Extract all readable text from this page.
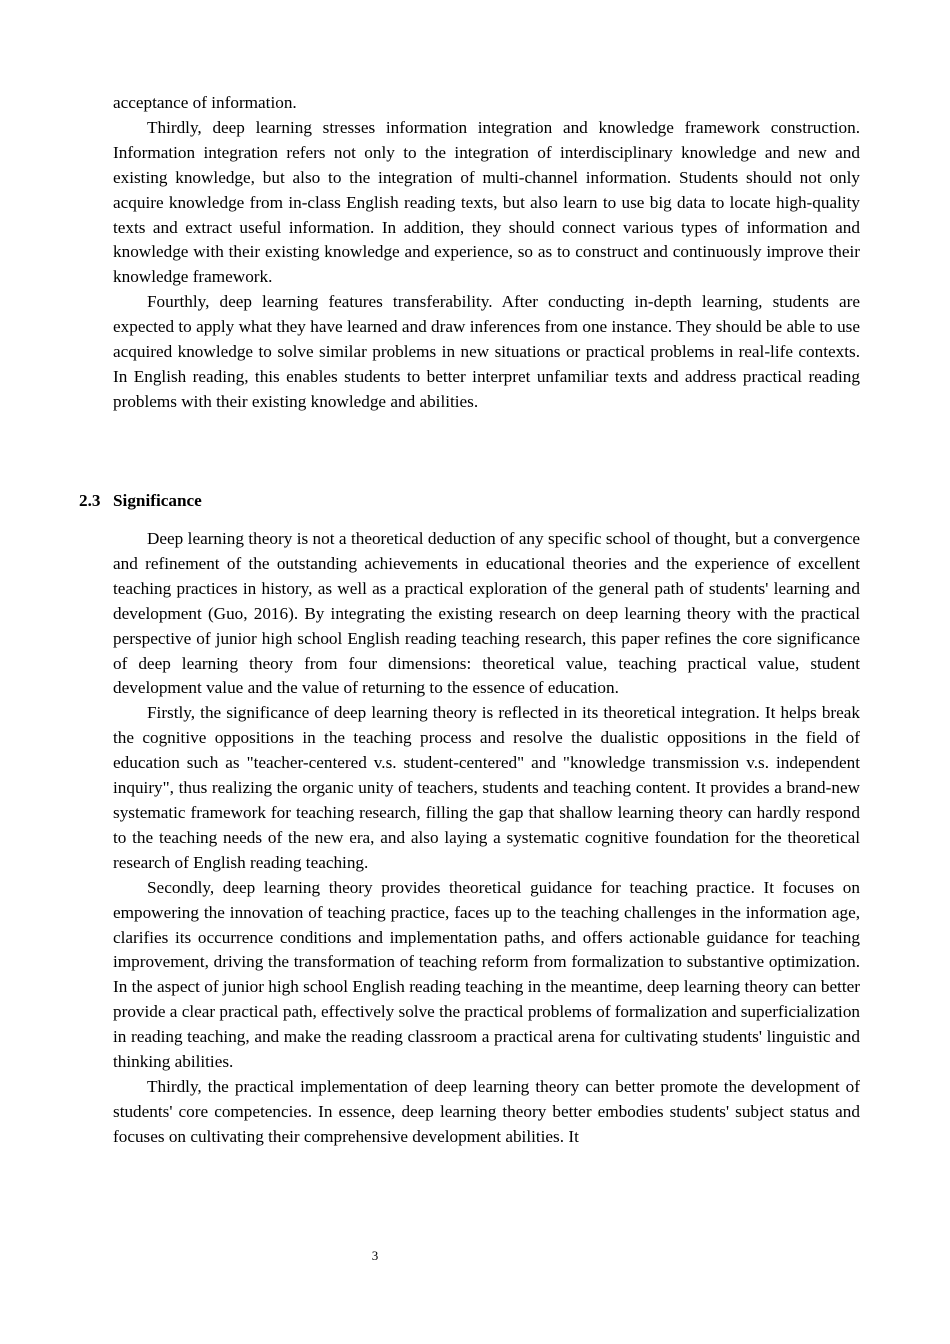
acceptance of information.

Thirdly, deep learning stresses information integration and knowledge framework construction. Information integration refers not only to the integration of interdisciplinary knowledge and new and existing knowledge, but also to the integration of multi-channel information. Students should not only acquire knowledge from in-class English reading texts, but also learn to use big data to locate high-quality texts and extract useful information. In addition, they should connect various types of information and knowledge with their existing knowledge and experience, so as to construct and continuously improve their knowledge framework.

Fourthly, deep learning features transferability. After conducting in-depth learning, students are expected to apply what they have learned and draw inferences from one instance. They should be able to use acquired knowledge to solve similar problems in new situations or practical problems in real-life contexts. In English reading, this enables students to better interpret unfamiliar texts and address practical reading problems with their existing knowledge and abilities.

2.3 Significance

Deep learning theory is not a theoretical deduction of any specific school of thought, but a convergence and refinement of the outstanding achievements in educational theories and the experience of excellent teaching practices in history, as well as a practical exploration of the general path of students' learning and development (Guo, 2016). By integrating the existing research on deep learning theory with the practical perspective of junior high school English reading teaching research, this paper refines the core significance of deep learning theory from four dimensions: theoretical value, teaching practical value, student development value and the value of returning to the essence of education.

Firstly, the significance of deep learning theory is reflected in its theoretical integration. It helps break the cognitive oppositions in the teaching process and resolve the dualistic oppositions in the field of education such as "teacher-centered v.s. student-centered" and "knowledge transmission v.s. independent inquiry", thus realizing the organic unity of teachers, students and teaching content. It provides a brand-new systematic framework for teaching research, filling the gap that shallow learning theory can hardly respond to the teaching needs of the new era, and also laying a systematic cognitive foundation for the theoretical research of English reading teaching.

Secondly, deep learning theory provides theoretical guidance for teaching practice. It focuses on empowering the innovation of teaching practice, faces up to the teaching challenges in the information age, clarifies its occurrence conditions and implementation paths, and offers actionable guidance for teaching improvement, driving the transformation of teaching reform from formalization to substantive optimization. In the aspect of junior high school English reading teaching in the meantime, deep learning theory can better provide a clear practical path, effectively solve the practical problems of formalization and superficialization in reading teaching, and make the reading classroom a practical arena for cultivating students' linguistic and thinking abilities.

Thirdly, the practical implementation of deep learning theory can better promote the development of students' core competencies. In essence, deep learning theory better embodies students' subject status and focuses on cultivating their comprehensive development abilities. It

3
